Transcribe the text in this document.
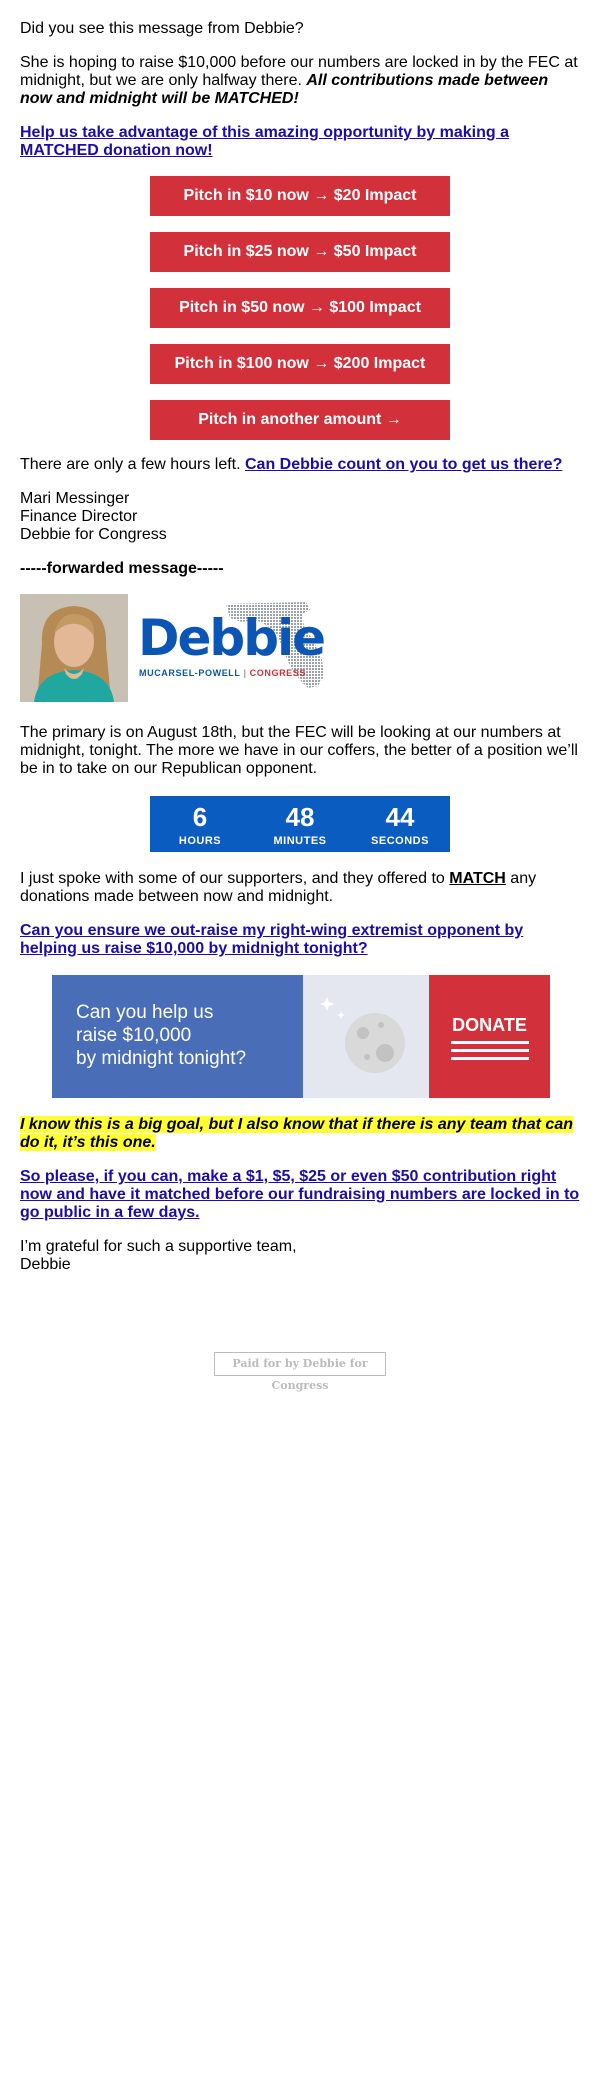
Did you see this message from Debbie?

She is hoping to raise $10,000 before our numbers are locked in by the FEC at midnight, but we are only halfway there. All contributions made between now and midnight will be MATCHED!

Help us take advantage of this amazing opportunity by making a MATCHED donation now!

Pitch in $10 now → $20 Impact
Pitch in $25 now → $50 Impact
Pitch in $50 now → $100 Impact
Pitch in $100 now → $200 Impact
Pitch in another amount →

There are only a few hours left. Can Debbie count on you to get us there?

Mari Messinger

Finance Director

Debbie for Congress

-----forwarded message-----

Debbie
MUCARSEL-POWELL | CONGRESS

The primary is on August 18th, but the FEC will be looking at our numbers at midnight, tonight. The more we have in our coffers, the better of a position we’ll be in to take on our Republican opponent.

6
HOURS
48
MINUTES
44
SECONDS

I just spoke with some of our supporters, and they offered to MATCH any donations made between now and midnight.

Can you ensure we out-raise my right-wing extremist opponent by helping us raise $10,000 by midnight tonight?

Can you help us
raise $10,000
by midnight tonight?
DONATE

I know this is a big goal, but I also know that if there is any team that can do it, it’s this one.

So please, if you can, make a $1, $5, $25 or even $50 contribution right now and have it matched before our fundraising numbers are locked in to go public in a few days.

I’m grateful for such a supportive team,

Debbie

Paid for by Debbie for Congress
